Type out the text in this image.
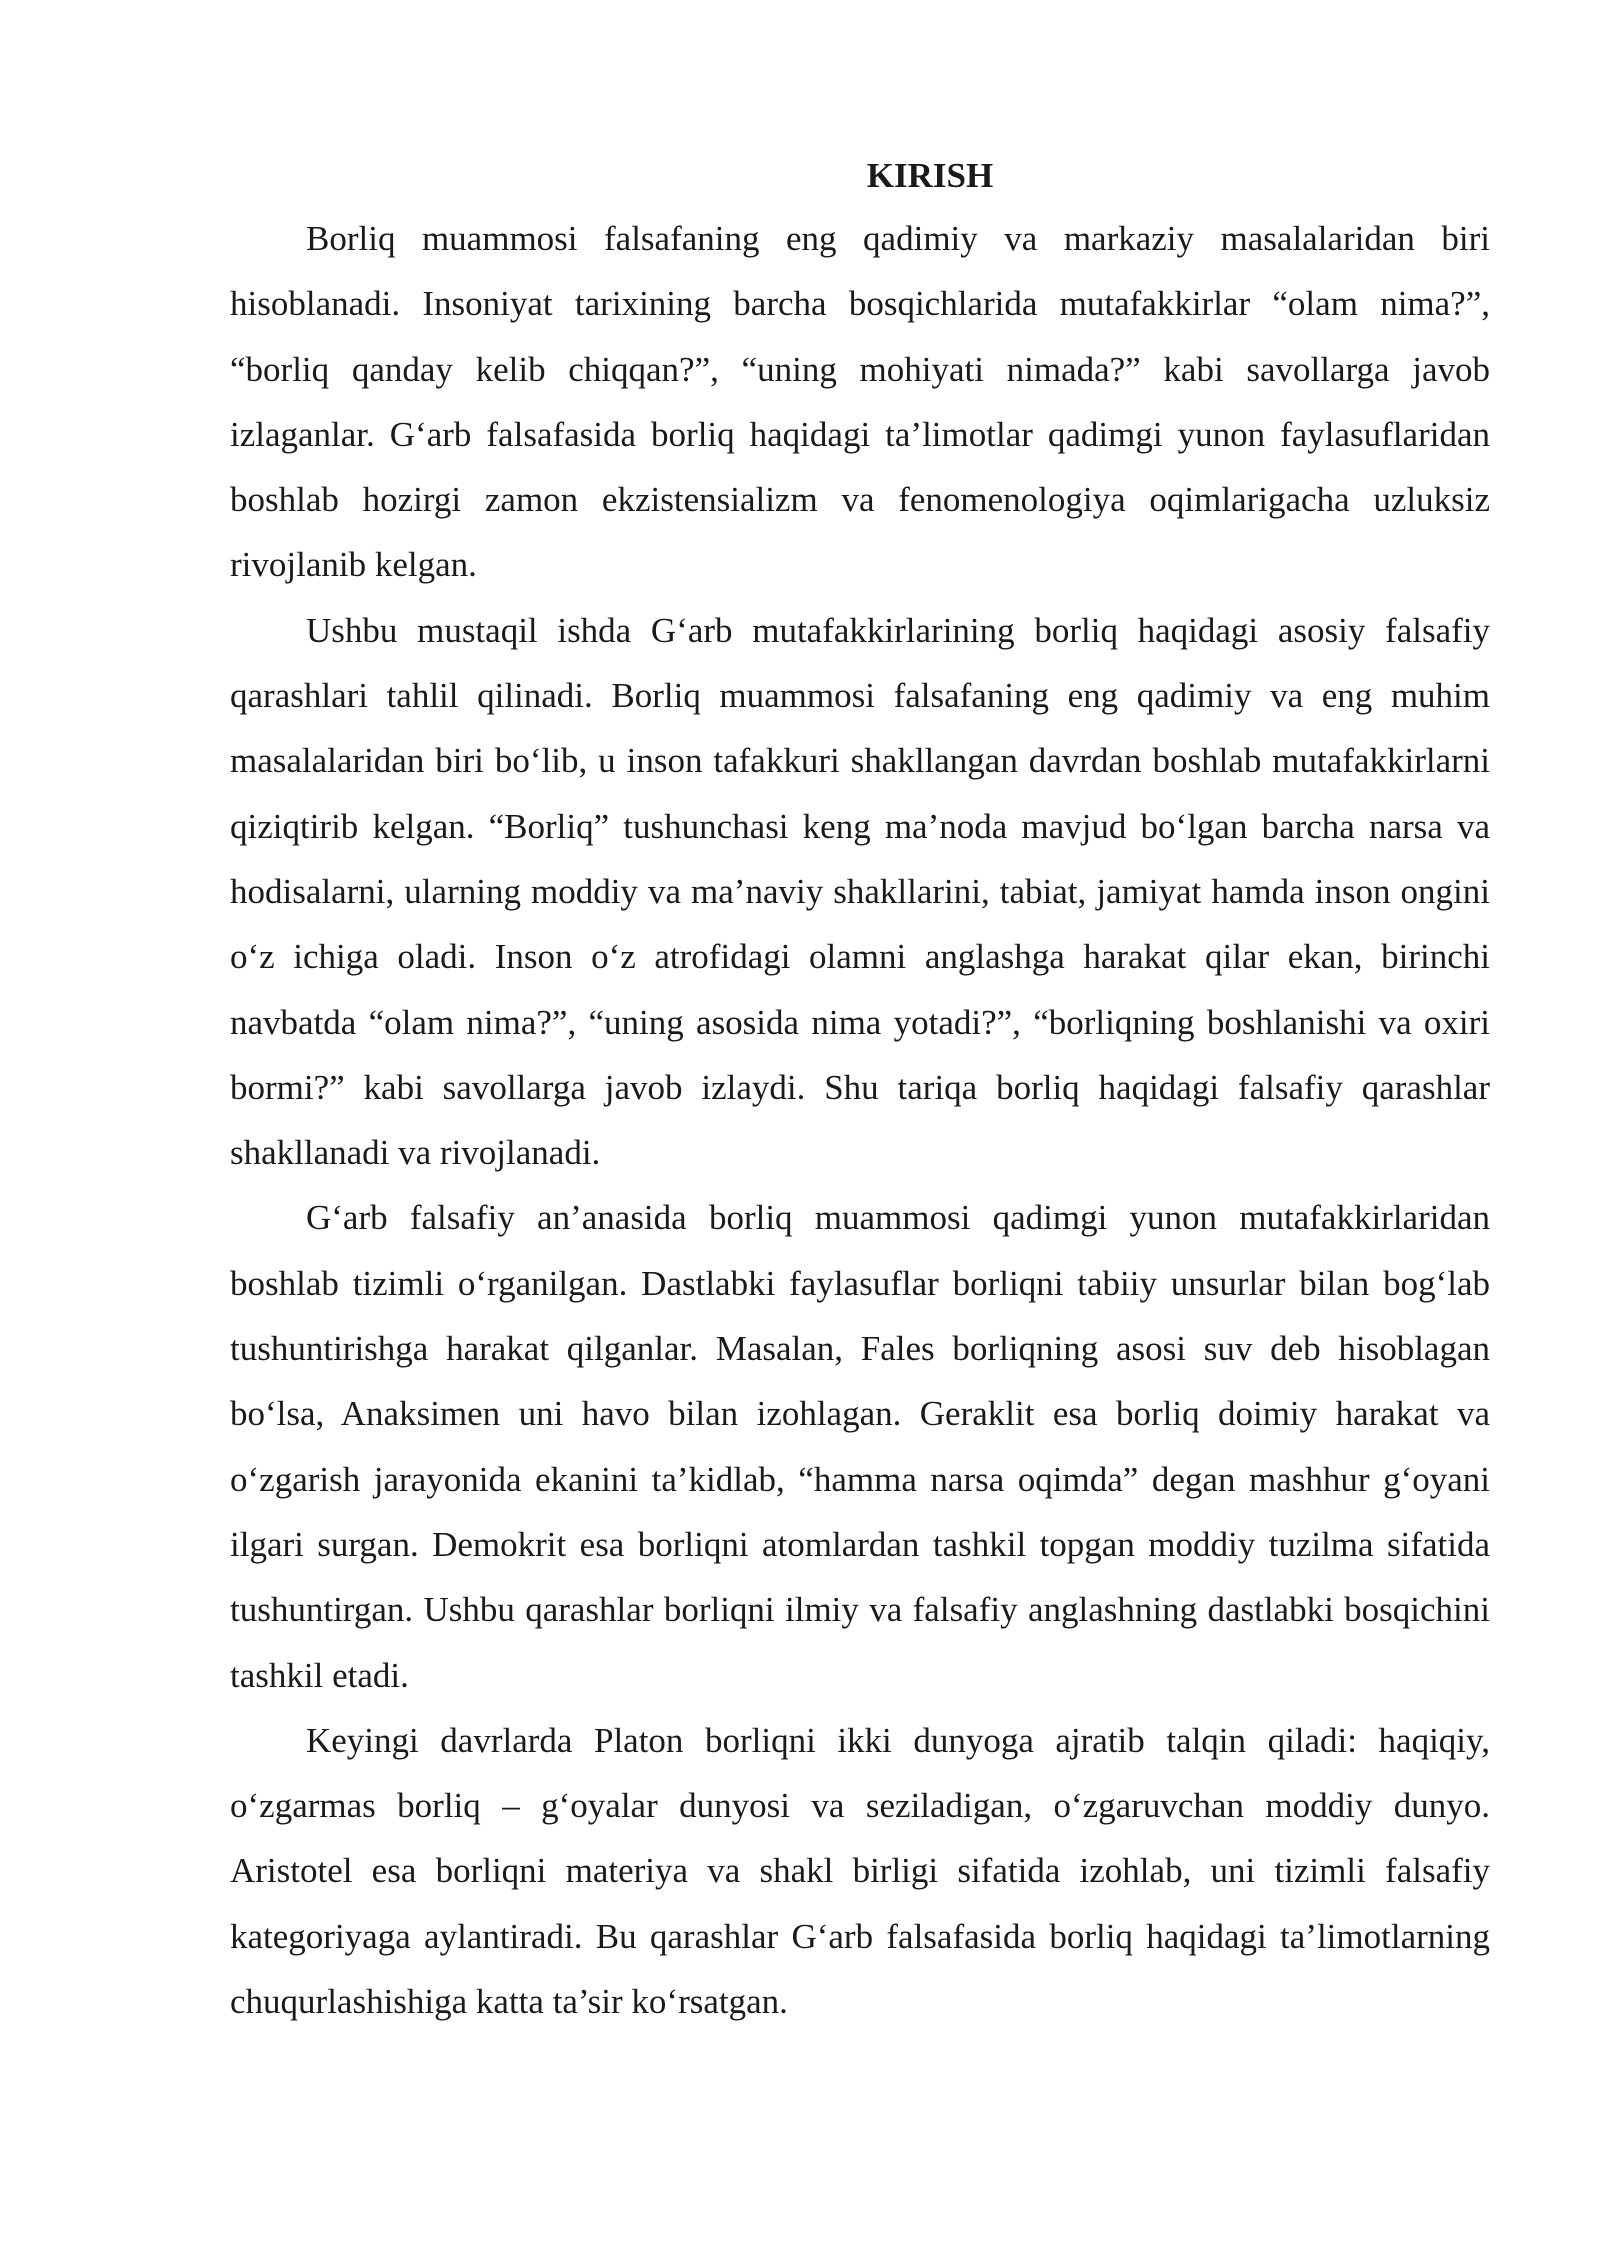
KIRISH

Borliq muammosi falsafaning eng qadimiy va markaziy masalalaridan biri hisoblanadi. Insoniyat tarixining barcha bosqichlarida mutafakkirlar “olam nima?”, “borliq qanday kelib chiqqan?”, “uning mohiyati nimada?” kabi savollarga javob izlaganlar. G‘arb falsafasida borliq haqidagi ta’limotlar qadimgi yunon faylasuflaridan boshlab hozirgi zamon ekzistensializm va fenomenologiya oqimlarigacha uzluksiz rivojlanib kelgan.

Ushbu mustaqil ishda G‘arb mutafakkirlarining borliq haqidagi asosiy falsafiy qarashlari tahlil qilinadi. Borliq muammosi falsafaning eng qadimiy va eng muhim masalalaridan biri bo‘lib, u inson tafakkuri shakllangan davrdan boshlab mutafakkirlarni qiziqtirib kelgan. “Borliq” tushunchasi keng ma’noda mavjud bo‘lgan barcha narsa va hodisalarni, ularning moddiy va ma’naviy shakllarini, tabiat, jamiyat hamda inson ongini o‘z ichiga oladi. Inson o‘z atrofidagi olamni anglashga harakat qilar ekan, birinchi navbatda “olam nima?”, “uning asosida nima yotadi?”, “borliqning boshlanishi va oxiri bormi?” kabi savollarga javob izlaydi. Shu tariqa borliq haqidagi falsafiy qarashlar shakllanadi va rivojlanadi.

G‘arb falsafiy an’anasida borliq muammosi qadimgi yunon mutafakkirlaridan boshlab tizimli o‘rganilgan. Dastlabki faylasuflar borliqni tabiiy unsurlar bilan bog‘lab tushuntirishga harakat qilganlar. Masalan, Fales borliqning asosi suv deb hisoblagan bo‘lsa, Anaksimen uni havo bilan izohlagan. Geraklit esa borliq doimiy harakat va o‘zgarish jarayonida ekanini ta’kidlab, “hamma narsa oqimda” degan mashhur g‘oyani ilgari surgan. Demokrit esa borliqni atomlardan tashkil topgan moddiy tuzilma sifatida tushuntirgan. Ushbu qarashlar borliqni ilmiy va falsafiy anglashning dastlabki bosqichini tashkil etadi.

Keyingi davrlarda Platon borliqni ikki dunyoga ajratib talqin qiladi: haqiqiy, o‘zgarmas borliq – g‘oyalar dunyosi va seziladigan, o‘zgaruvchan moddiy dunyo. Aristotel esa borliqni materiya va shakl birligi sifatida izohlab, uni tizimli falsafiy kategoriyaga aylantiradi. Bu qarashlar G‘arb falsafasida borliq haqidagi ta’limotlarning chuqurlashishiga katta ta’sir ko‘rsatgan.
